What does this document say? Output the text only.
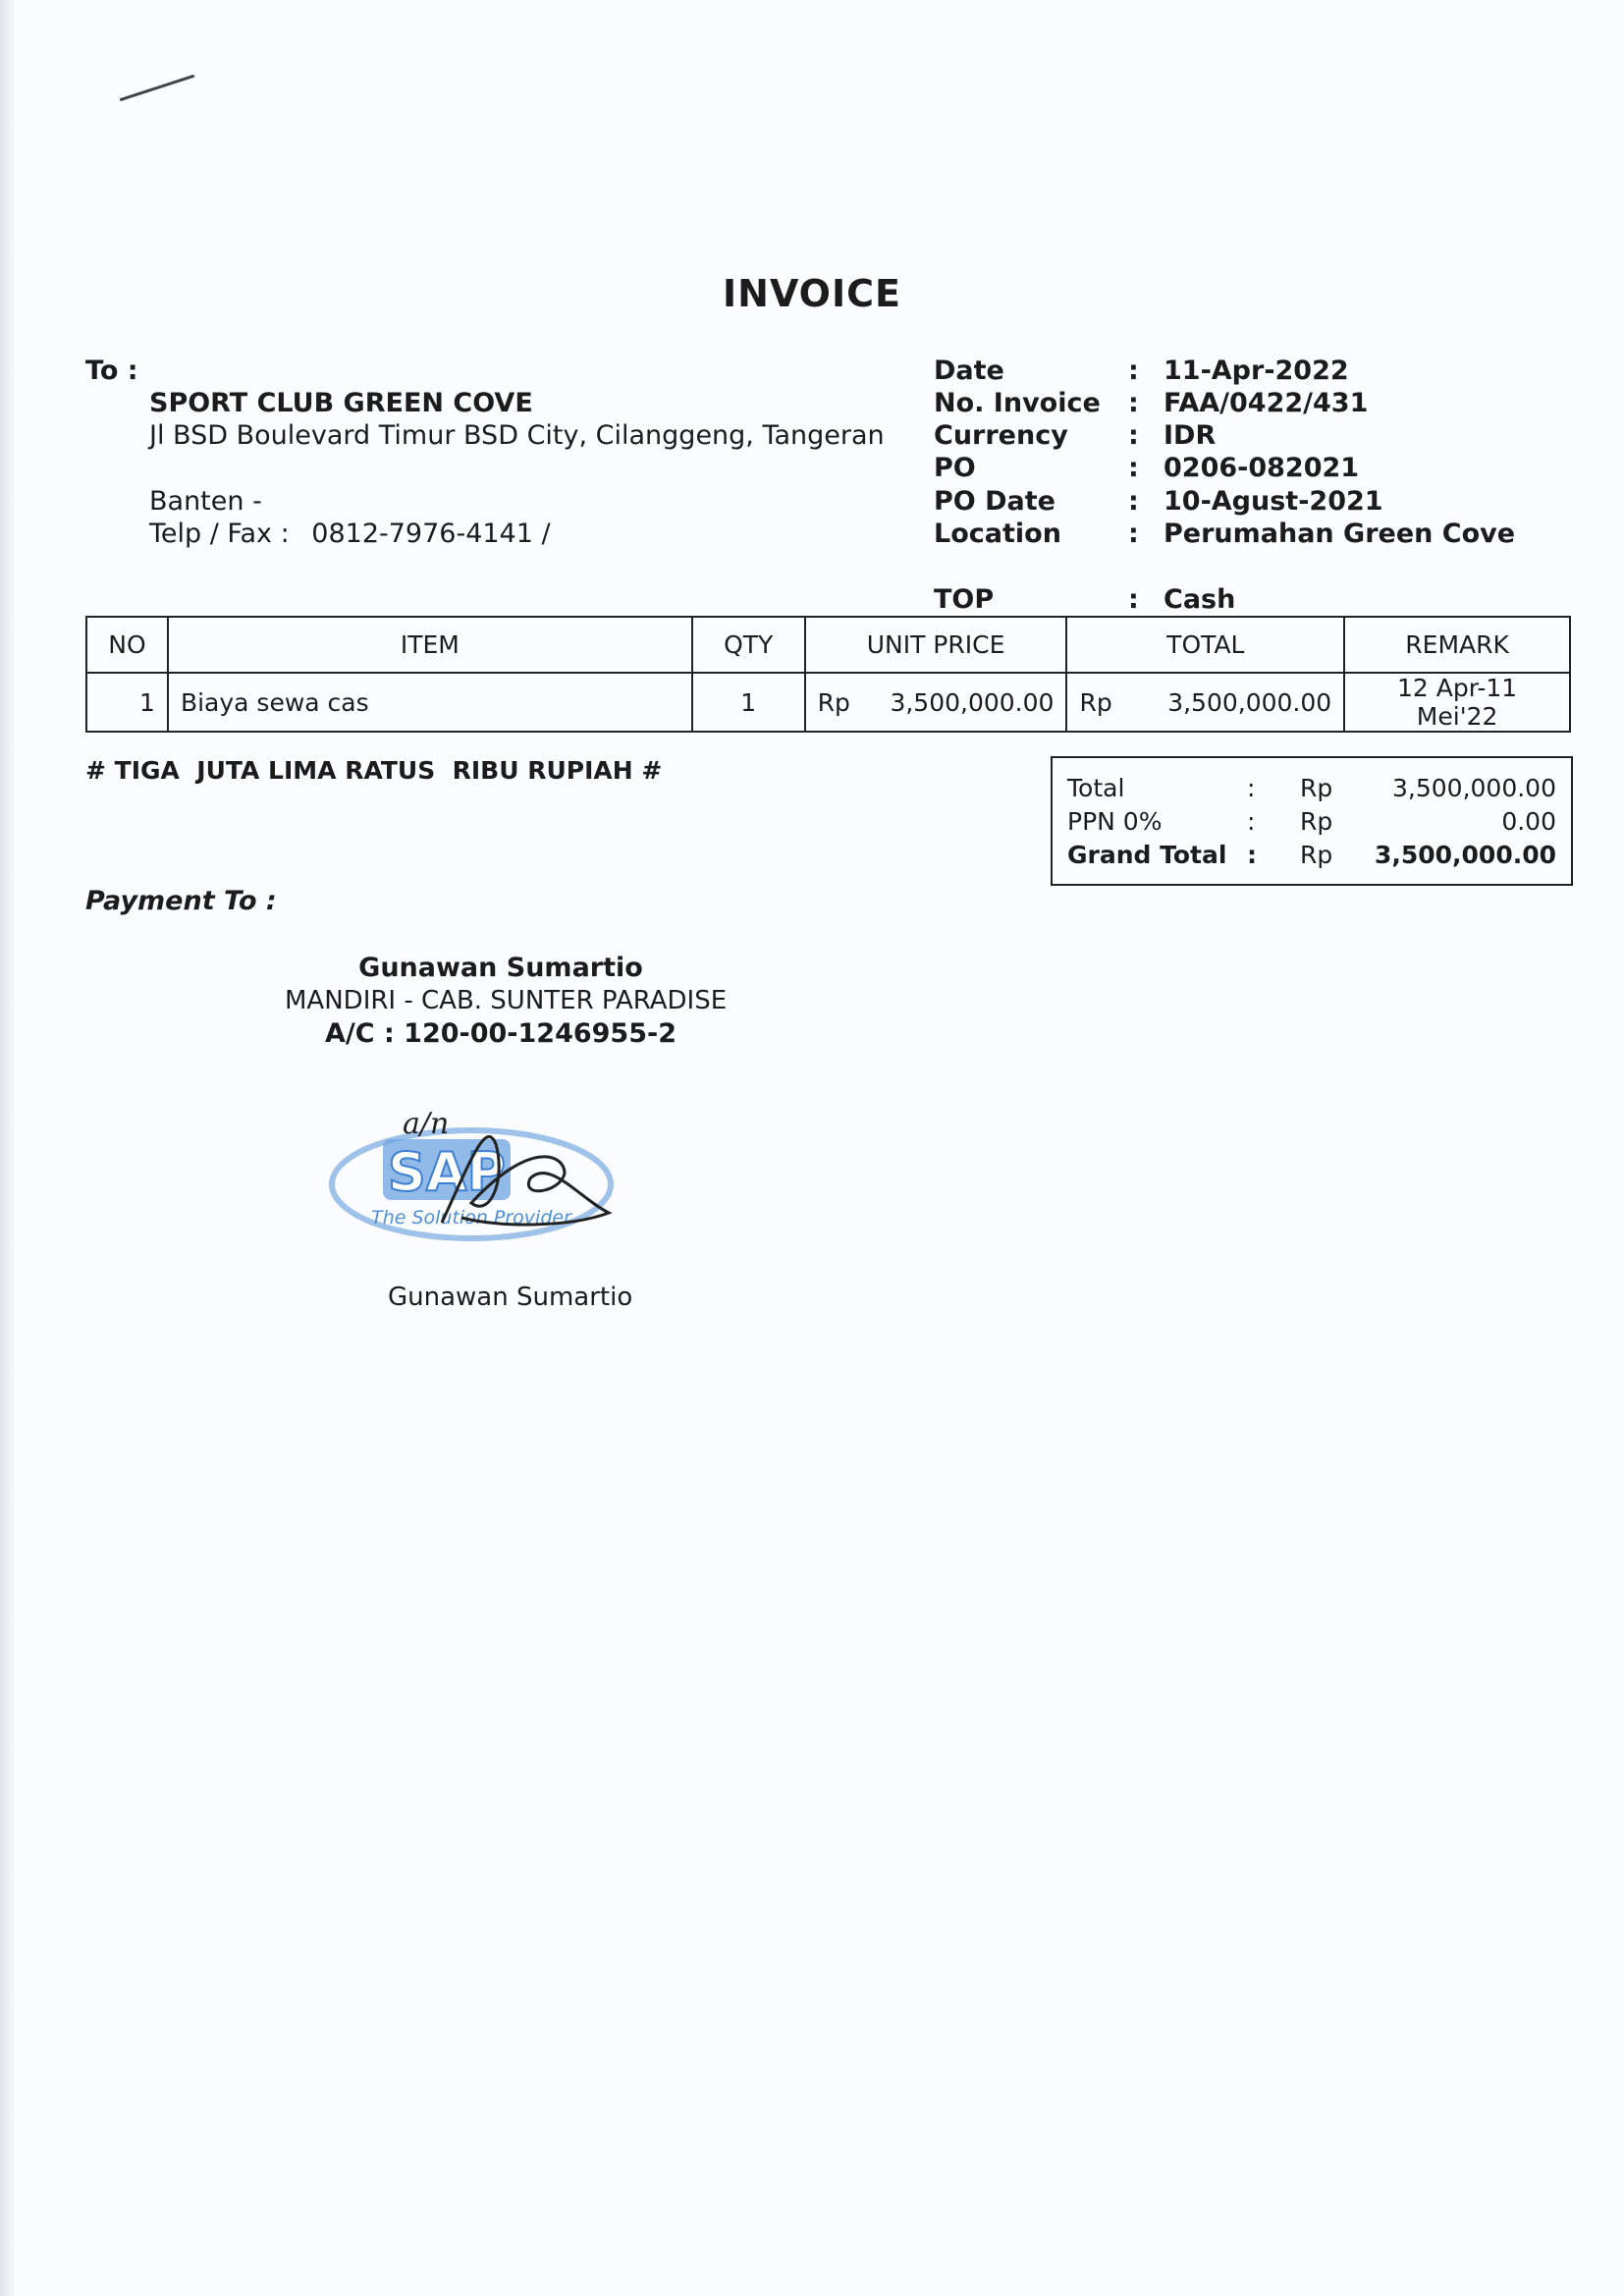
INVOICE
To :
SPORT CLUB GREEN COVE
Jl BSD Boulevard Timur BSD City, Cilanggeng, Tangeran
Banten -
Telp / Fax : 0812-7976-4141 /
Date	: 11-Apr-2022
No. Invoice : FAA/0422/431
Currency : IDR
PO	: 0206-082021
PO Date	: 10-Agust-2021
Location	: Perumahan Green Cove
TOP	: Cash
NO	ITEM	QTY	UNIT PRICE	TOTAL	REMARK
1	Biaya sewa cas	1	Rp 3,500,000.00	Rp 3,500,000.00	12 Apr-11 Mei'22
# TIGA  JUTA LIMA RATUS  RIBU RUPIAH #
Total	: Rp 3,500,000.00
PPN 0%	: Rp	0.00
Grand Total : Rp 3,500,000.00
Payment To :
Gunawan Sumartio
MANDIRI - CAB. SUNTER PARADISE
A/C : 120-00-1246955-2
SAP
The Solution Provider
a/n
Gunawan Sumartio
